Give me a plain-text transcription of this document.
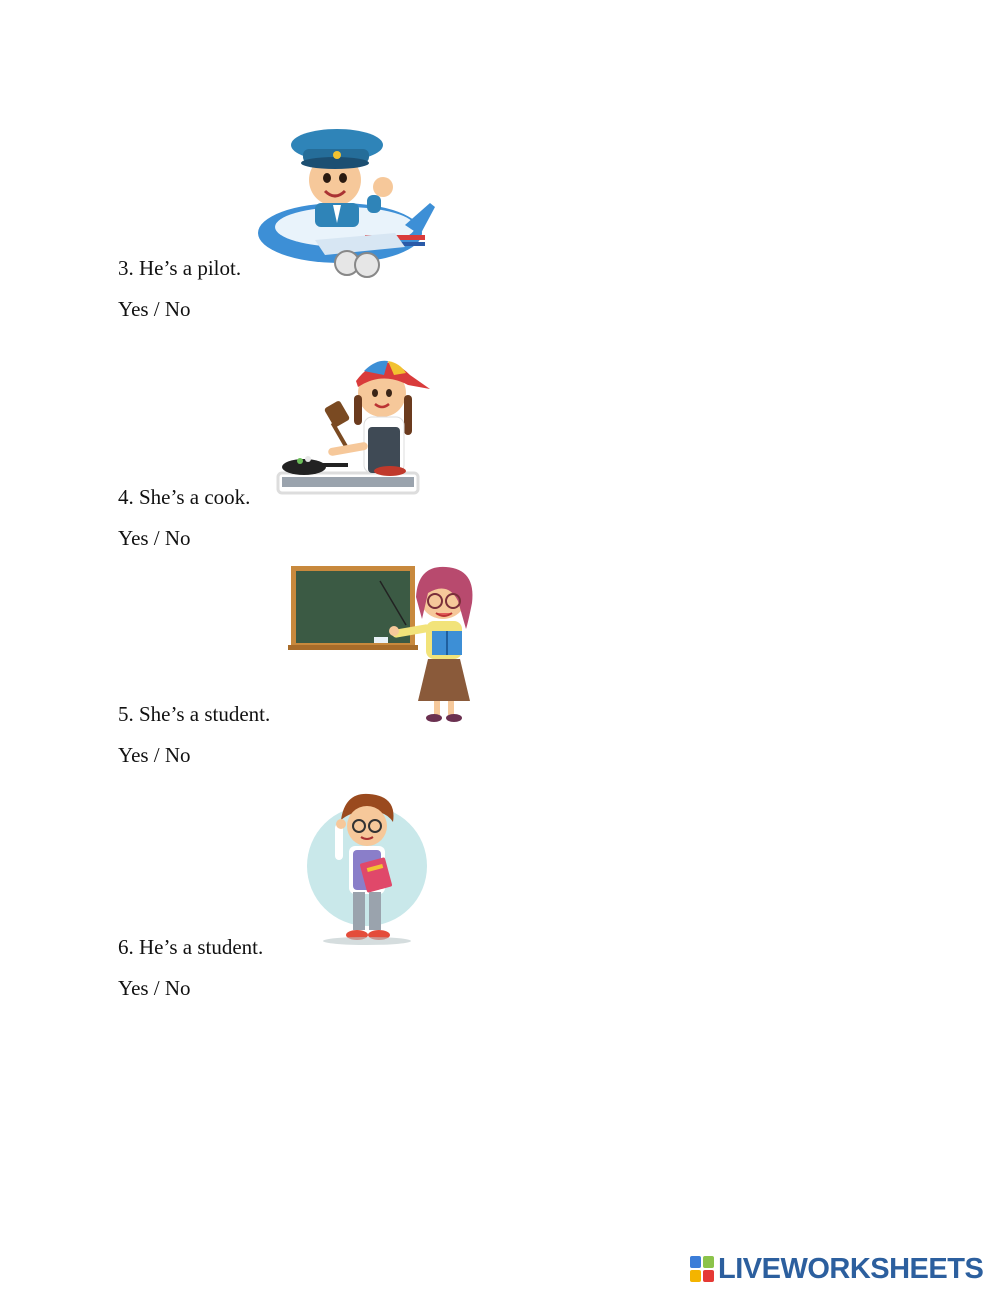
3. He’s a pilot.
Yes / No
4. She’s a cook.
Yes / No
5. She’s a student.
Yes / No
6. He’s a student.
Yes / No
LIVEWORKSHEETS
